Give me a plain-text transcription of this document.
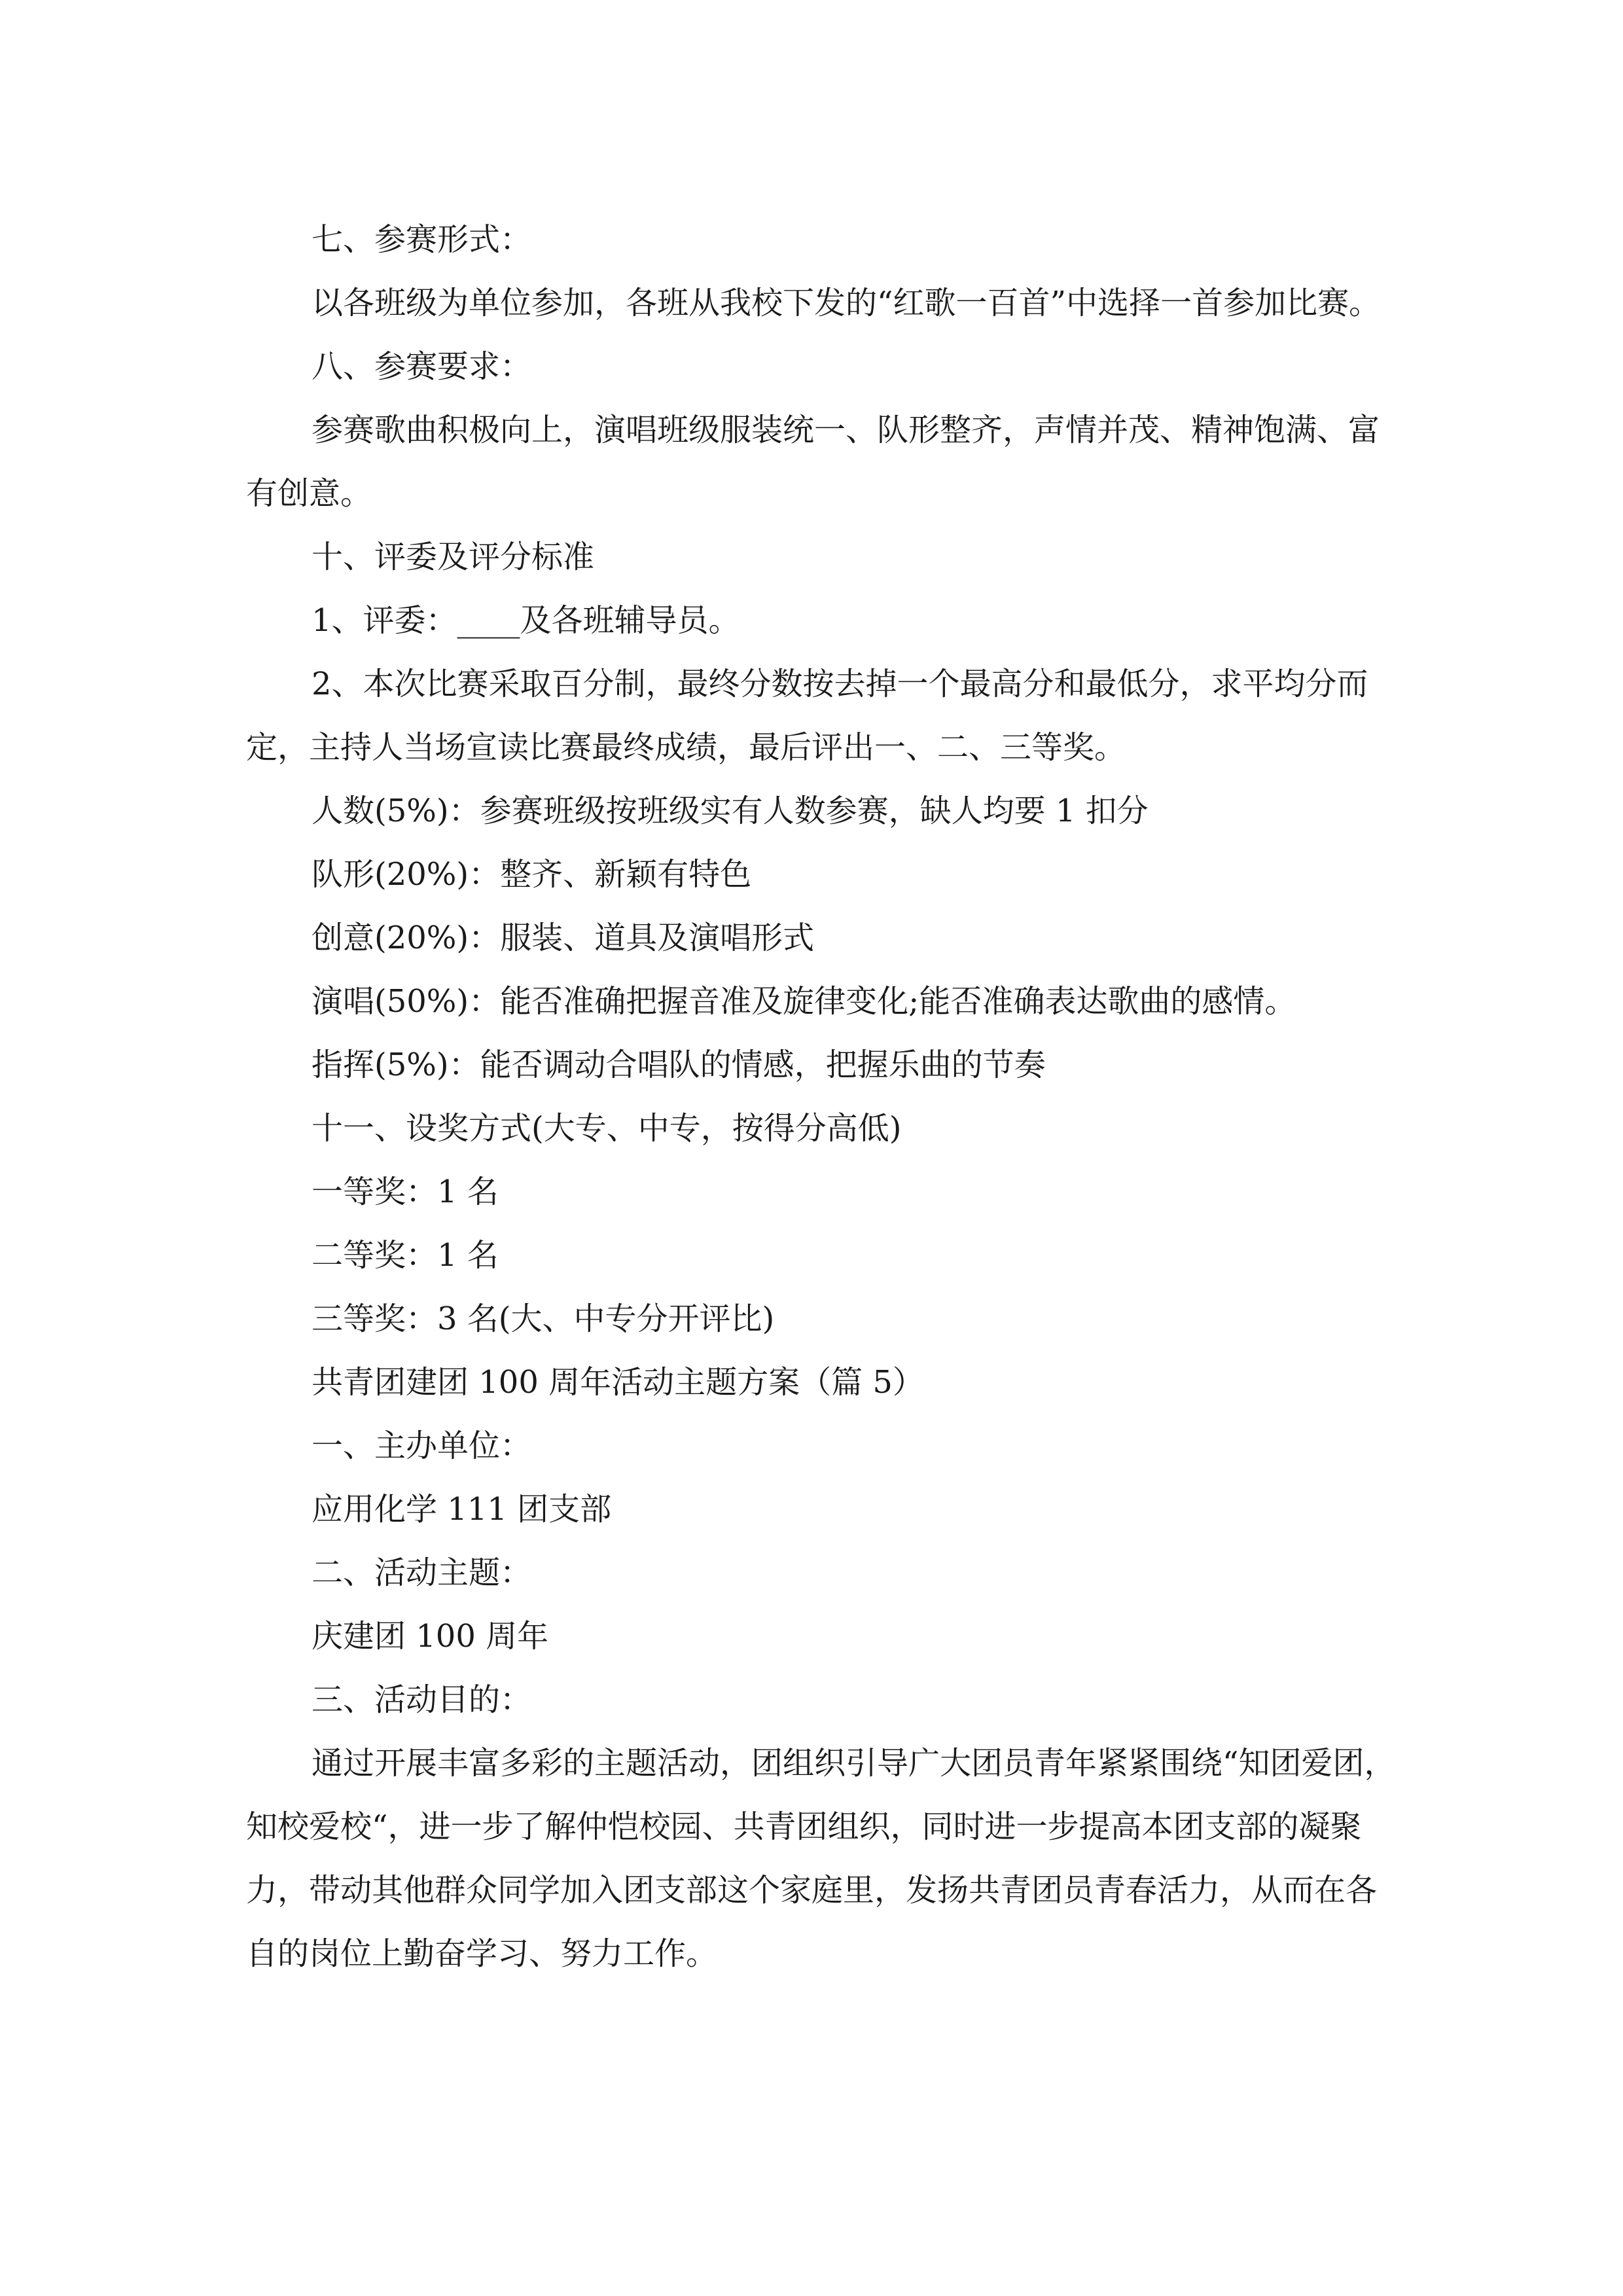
七、参赛形式：

以各班级为单位参加，各班从我校下发的“红歌一百首”中选择一首参加比赛。

八、参赛要求：

参赛歌曲积极向上，演唱班级服装统一、队形整齐，声情并茂、精神饱满、富有创意。

十、评委及评分标准

1、评委：____及各班辅导员。

2、本次比赛采取百分制，最终分数按去掉一个最高分和最低分，求平均分而定，主持人当场宣读比赛最终成绩，最后评出一、二、三等奖。

人数(5%)：参赛班级按班级实有人数参赛，缺人均要 1 扣分

队形(20%)：整齐、新颖有特色

创意(20%)：服装、道具及演唱形式

演唱(50%)：能否准确把握音准及旋律变化;能否准确表达歌曲的感情。

指挥(5%)：能否调动合唱队的情感，把握乐曲的节奏

十一、设奖方式(大专、中专，按得分高低)

一等奖：1 名

二等奖：1 名

三等奖：3 名(大、中专分开评比)

共青团建团 100 周年活动主题方案（篇 5）

一、主办单位：

应用化学 111 团支部

二、活动主题：

庆建团 100 周年

三、活动目的：

通过开展丰富多彩的主题活动，团组织引导广大团员青年紧紧围绕“知团爱团，知校爱校“，进一步了解仲恺校园、共青团组织，同时进一步提高本团支部的凝聚力，带动其他群众同学加入团支部这个家庭里，发扬共青团员青春活力，从而在各自的岗位上勤奋学习、努力工作。
